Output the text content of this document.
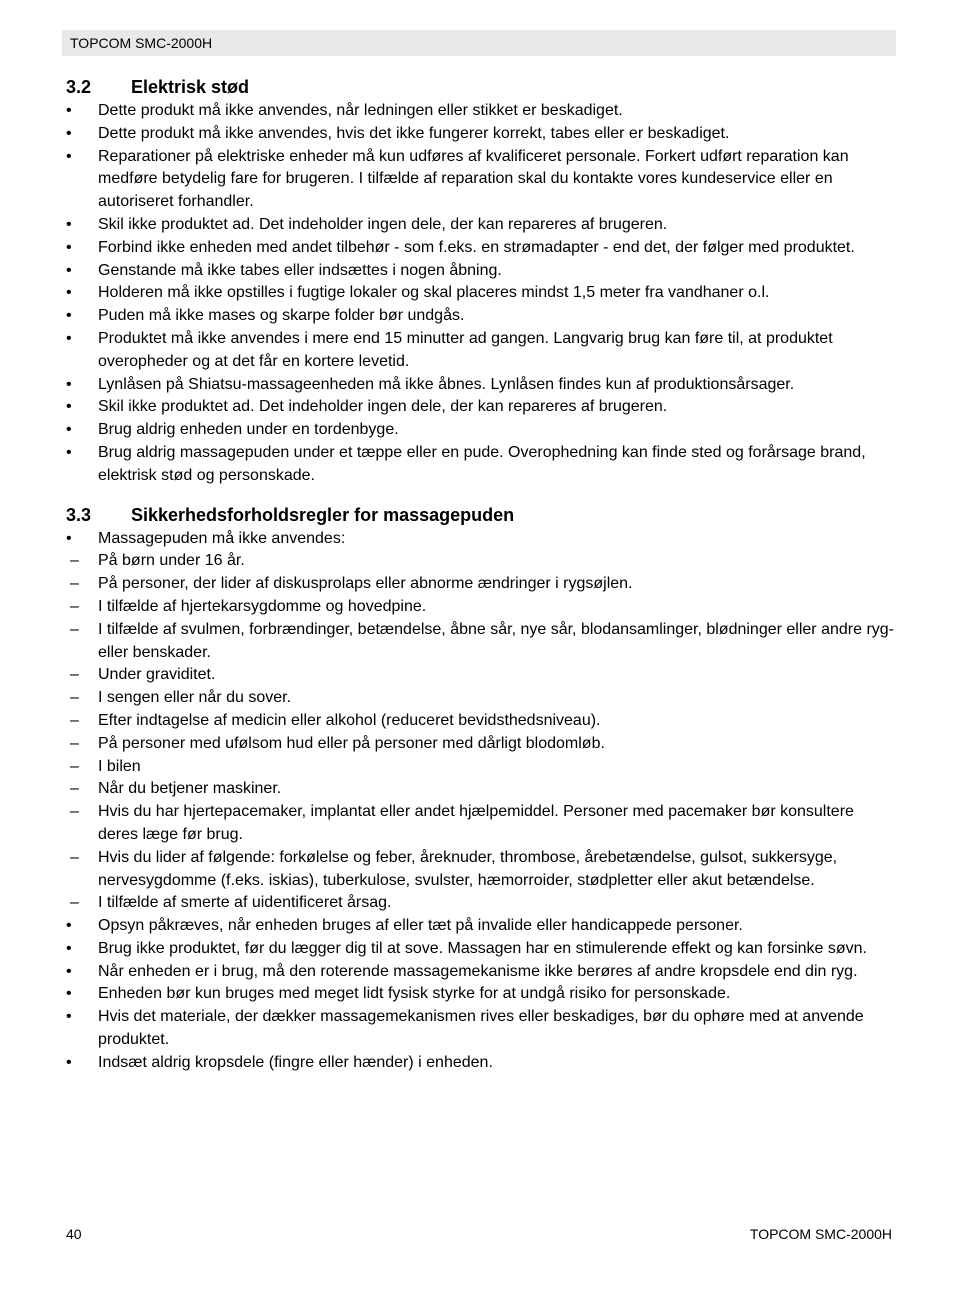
TOPCOM SMC-2000H
3.2	Elektrisk stød
• Dette produkt må ikke anvendes, når ledningen eller stikket er beskadiget.
• Dette produkt må ikke anvendes, hvis det ikke fungerer korrekt, tabes eller er beskadiget.
• Reparationer på elektriske enheder må kun udføres af kvalificeret personale. Forkert udført reparation kan medføre betydelig fare for brugeren. I tilfælde af reparation skal du kontakte vores kundeservice eller en autoriseret forhandler.
• Skil ikke produktet ad. Det indeholder ingen dele, der kan repareres af brugeren.
• Forbind ikke enheden med andet tilbehør - som f.eks. en strømadapter - end det, der følger med produktet.
• Genstande må ikke tabes eller indsættes i nogen åbning.
• Holderen må ikke opstilles i fugtige lokaler og skal placeres mindst 1,5 meter fra vandhaner o.l.
• Puden må ikke mases og skarpe folder bør undgås.
• Produktet må ikke anvendes i mere end 15 minutter ad gangen. Langvarig brug kan føre til, at produktet overopheder og at det får en kortere levetid.
• Lynlåsen på Shiatsu-massageenheden må ikke åbnes. Lynlåsen findes kun af produktionsårsager.
• Skil ikke produktet ad. Det indeholder ingen dele, der kan repareres af brugeren.
• Brug aldrig enheden under en tordenbyge.
• Brug aldrig massagepuden under et tæppe eller en pude. Overophedning kan finde sted og forårsage brand, elektrisk stød og personskade.
3.3	Sikkerhedsforholdsregler for massagepuden
• Massagepuden må ikke anvendes:
– På børn under 16 år.
– På personer, der lider af diskusprolaps eller abnorme ændringer i rygsøjlen.
– I tilfælde af hjertekarsygdomme og hovedpine.
– I tilfælde af svulmen, forbrændinger, betændelse, åbne sår, nye sår, blodansamlinger, blødninger eller andre ryg- eller benskader.
– Under graviditet.
– I sengen eller når du sover.
– Efter indtagelse af medicin eller alkohol (reduceret bevidsthedsniveau).
– På personer med ufølsom hud eller på personer med dårligt blodomløb.
– I bilen
– Når du betjener maskiner.
– Hvis du har hjertepacemaker, implantat eller andet hjælpemiddel. Personer med pacemaker bør konsultere deres læge før brug.
– Hvis du lider af følgende: forkølelse og feber, åreknuder, thrombose, årebetændelse, gulsot, sukkersyge, nervesygdomme (f.eks. iskias), tuberkulose, svulster, hæmorroider, stødpletter eller akut betændelse.
– I tilfælde af smerte af uidentificeret årsag.
• Opsyn påkræves, når enheden bruges af eller tæt på invalide eller handicappede personer.
• Brug ikke produktet, før du lægger dig til at sove. Massagen har en stimulerende effekt og kan forsinke søvn.
• Når enheden er i brug, må den roterende massagemekanisme ikke berøres af andre kropsdele end din ryg.
• Enheden bør kun bruges med meget lidt fysisk styrke for at undgå risiko for personskade.
• Hvis det materiale, der dækker massagemekanismen rives eller beskadiges, bør du ophøre med at anvende produktet.
• Indsæt aldrig kropsdele (fingre eller hænder) i enheden.
40	TOPCOM SMC-2000H
